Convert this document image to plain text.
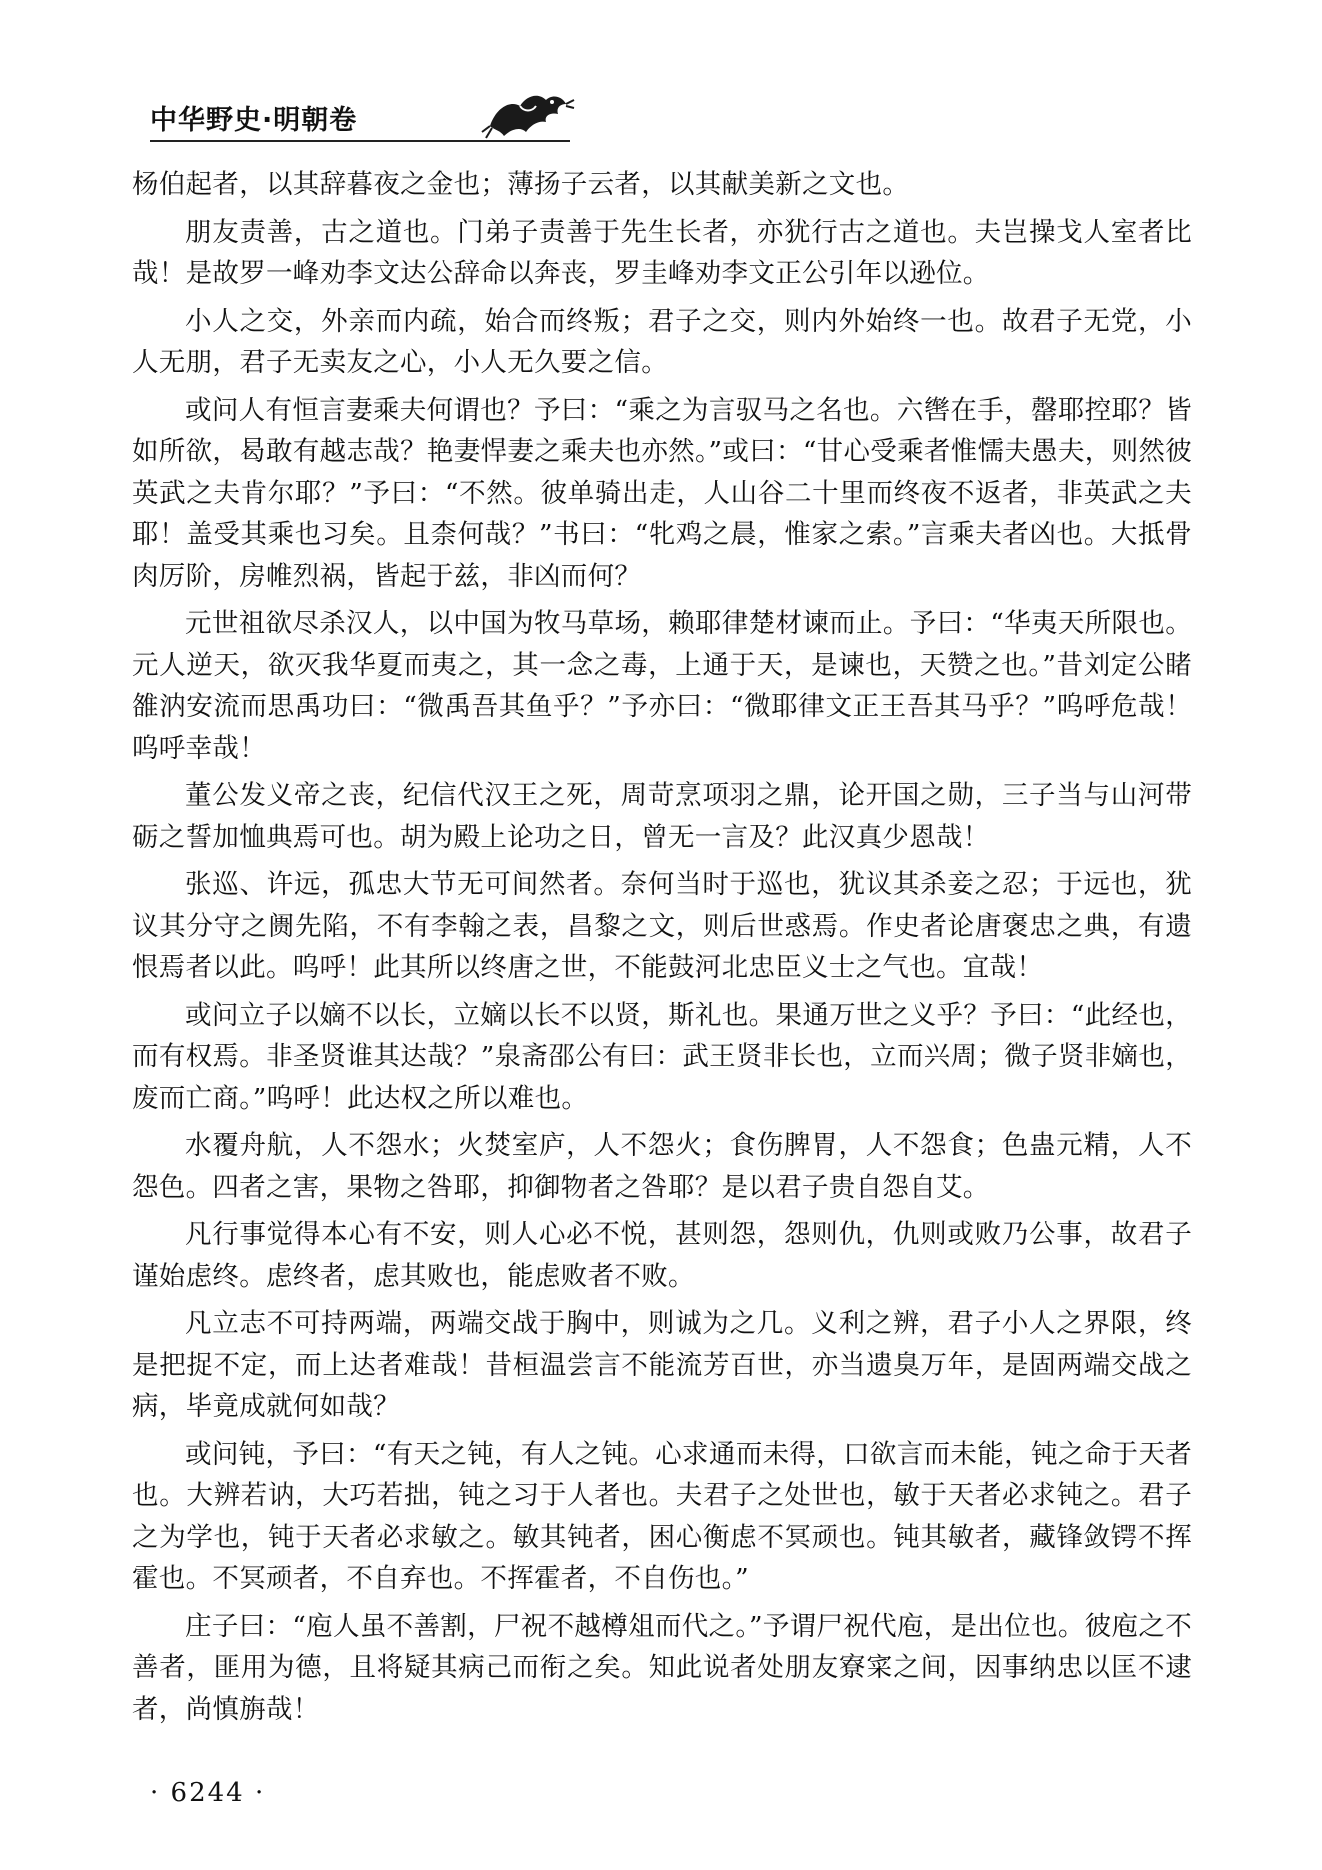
中华野史·明朝卷

杨伯起者，以其辞暮夜之金也；薄扬子云者，以其献美新之文也。

朋友责善，古之道也。门弟子责善于先生长者，亦犹行古之道也。夫岂操戈人室者比哉！是故罗一峰劝李文达公辞命以奔丧，罗圭峰劝李文正公引年以逊位。

小人之交，外亲而内疏，始合而终叛；君子之交，则内外始终一也。故君子无党，小人无朋，君子无卖友之心，小人无久要之信。

或问人有恒言妻乘夫何谓也？予曰：“乘之为言驭马之名也。六辔在手，罄耶控耶？皆如所欲，曷敢有越志哉？艳妻悍妻之乘夫也亦然。”或曰：“甘心受乘者惟懦夫愚夫，则然彼英武之夫肯尔耶？”予曰：“不然。彼单骑出走，人山谷二十里而终夜不返者，非英武之夫耶！盖受其乘也习矣。且柰何哉？”书曰：“牝鸡之晨，惟家之索。”言乘夫者凶也。大抵骨肉厉阶，房帷烈祸，皆起于兹，非凶而何？

元世祖欲尽杀汉人，以中国为牧马草场，赖耶律楚材谏而止。予曰：“华夷天所限也。元人逆天，欲灭我华夏而夷之，其一念之毒，上通于天，是谏也，天赞之也。”昔刘定公睹雒汭安流而思禹功曰：“微禹吾其鱼乎？”予亦曰：“微耶律文正王吾其马乎？”呜呼危哉！呜呼幸哉！

董公发义帝之丧，纪信代汉王之死，周苛烹项羽之鼎，论开国之勋，三子当与山河带砺之誓加恤典焉可也。胡为殿上论功之日，曾无一言及？此汉真少恩哉！

张巡、许远，孤忠大节无可间然者。奈何当时于巡也，犹议其杀妾之忍；于远也，犹议其分守之阓先陷，不有李翰之表，昌黎之文，则后世惑焉。作史者论唐褒忠之典，有遗恨焉者以此。呜呼！此其所以终唐之世，不能鼓河北忠臣义士之气也。宜哉！

或问立子以嫡不以长，立嫡以长不以贤，斯礼也。果通万世之义乎？予曰：“此经也，而有权焉。非圣贤谁其达哉？”泉斋邵公有曰：武王贤非长也，立而兴周；微子贤非嫡也，废而亡商。”呜呼！此达权之所以难也。

水覆舟航，人不怨水；火焚室庐，人不怨火；食伤脾胃，人不怨食；色蛊元精，人不怨色。四者之害，果物之咎耶，抑御物者之咎耶？是以君子贵自怨自艾。

凡行事觉得本心有不安，则人心必不悦，甚则怨，怨则仇，仇则或败乃公事，故君子谨始虑终。虑终者，虑其败也，能虑败者不败。

凡立志不可持两端，两端交战于胸中，则诚为之几。义利之辨，君子小人之界限，终是把捉不定，而上达者难哉！昔桓温尝言不能流芳百世，亦当遗臭万年，是固两端交战之病，毕竟成就何如哉？

或问钝，予曰：“有天之钝，有人之钝。心求通而未得，口欲言而未能，钝之命于天者也。大辨若讷，大巧若拙，钝之习于人者也。夫君子之处世也，敏于天者必求钝之。君子之为学也，钝于天者必求敏之。敏其钝者，困心衡虑不冥顽也。钝其敏者，藏锋敛锷不挥霍也。不冥顽者，不自弃也。不挥霍者，不自伤也。”

庄子曰：“庖人虽不善割，尸祝不越樽俎而代之。”予谓尸祝代庖，是出位也。彼庖之不善者，匪用为德，且将疑其病己而衔之矣。知此说者处朋友寮寀之间，因事纳忠以匡不逮者，尚慎旃哉！

· 6244 ·
